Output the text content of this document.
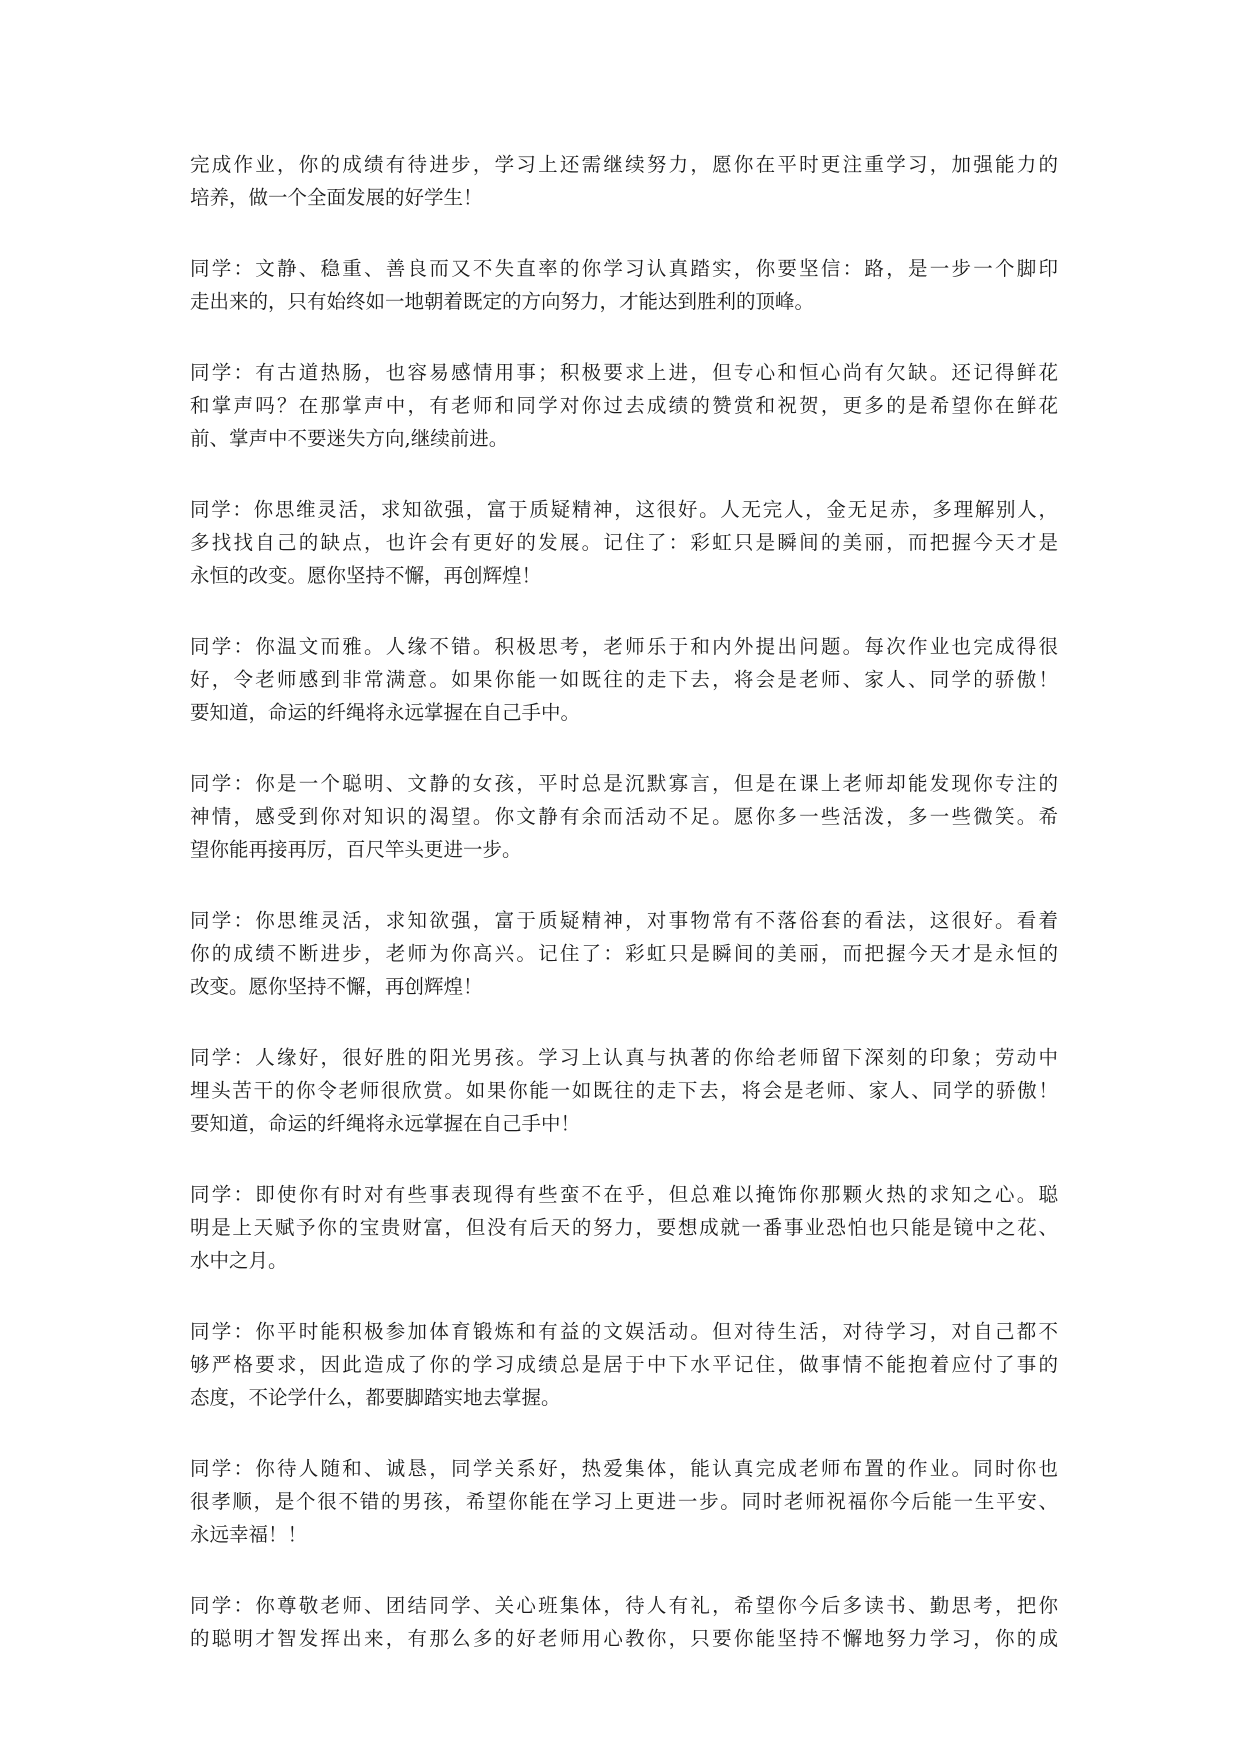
完成作业，你的成绩有待进步，学习上还需继续努力，愿你在平时更注重学习，加强能力的
培养，做一个全面发展的好学生！

同学：文静、稳重、善良而又不失直率的你学习认真踏实，你要坚信：路，是一步一个脚印
走出来的，只有始终如一地朝着既定的方向努力，才能达到胜利的顶峰。

同学：有古道热肠，也容易感情用事；积极要求上进，但专心和恒心尚有欠缺。还记得鲜花
和掌声吗？在那掌声中，有老师和同学对你过去成绩的赞赏和祝贺，更多的是希望你在鲜花
前、掌声中不要迷失方向,继续前进。

同学：你思维灵活，求知欲强，富于质疑精神，这很好。人无完人，金无足赤，多理解别人，
多找找自己的缺点，也许会有更好的发展。记住了：彩虹只是瞬间的美丽，而把握今天才是
永恒的改变。愿你坚持不懈，再创辉煌！

同学：你温文而雅。人缘不错。积极思考，老师乐于和内外提出问题。每次作业也完成得很
好，令老师感到非常满意。如果你能一如既往的走下去，将会是老师、家人、同学的骄傲！
要知道，命运的纤绳将永远掌握在自己手中。

同学：你是一个聪明、文静的女孩，平时总是沉默寡言，但是在课上老师却能发现你专注的
神情，感受到你对知识的渴望。你文静有余而活动不足。愿你多一些活泼，多一些微笑。希
望你能再接再厉，百尺竿头更进一步。

同学：你思维灵活，求知欲强，富于质疑精神，对事物常有不落俗套的看法，这很好。看着
你的成绩不断进步，老师为你高兴。记住了：彩虹只是瞬间的美丽，而把握今天才是永恒的
改变。愿你坚持不懈，再创辉煌！

同学：人缘好，很好胜的阳光男孩。学习上认真与执著的你给老师留下深刻的印象；劳动中
埋头苦干的你令老师很欣赏。如果你能一如既往的走下去，将会是老师、家人、同学的骄傲！
要知道，命运的纤绳将永远掌握在自己手中！

同学：即使你有时对有些事表现得有些蛮不在乎，但总难以掩饰你那颗火热的求知之心。聪
明是上天赋予你的宝贵财富，但没有后天的努力，要想成就一番事业恐怕也只能是镜中之花、
水中之月。

同学：你平时能积极参加体育锻炼和有益的文娱活动。但对待生活，对待学习，对自己都不
够严格要求，因此造成了你的学习成绩总是居于中下水平记住，做事情不能抱着应付了事的
态度，不论学什么，都要脚踏实地去掌握。

同学：你待人随和、诚恳，同学关系好，热爱集体，能认真完成老师布置的作业。同时你也
很孝顺，是个很不错的男孩，希望你能在学习上更进一步。同时老师祝福你今后能一生平安、
永远幸福！！

同学：你尊敬老师、团结同学、关心班集体，待人有礼，希望你今后多读书、勤思考，把你
的聪明才智发挥出来，有那么多的好老师用心教你，只要你能坚持不懈地努力学习，你的成
